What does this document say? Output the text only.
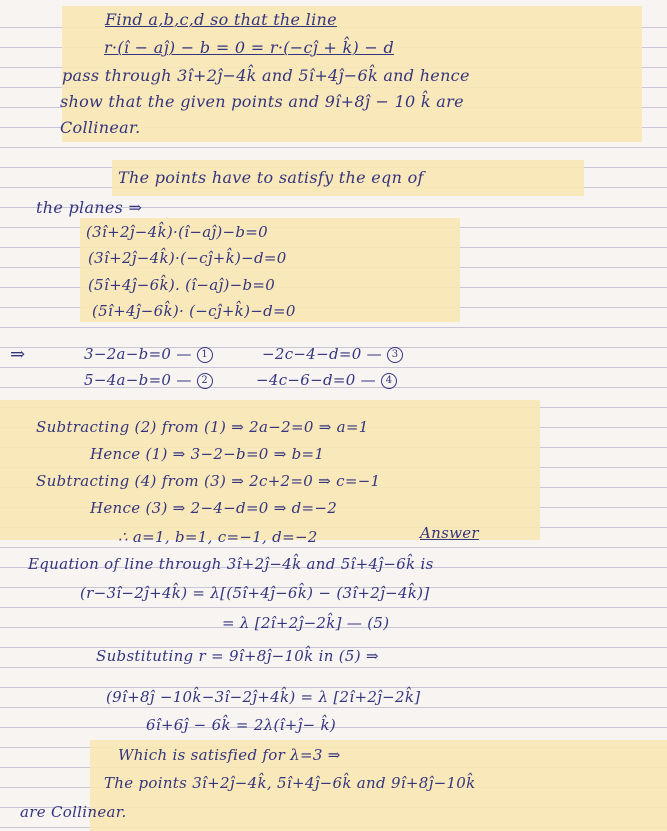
Find a,b,c,d so that the line
r·(î − aĵ) − b = 0 = r·(−cĵ + k̂) − d
pass through 3î+2ĵ−4k̂ and 5î+4ĵ−6k̂ and hence
show that the given points and 9î+8ĵ − 10 k̂ are
Collinear.
The points have to satisfy the eqn of
the planes ⇒
(3î+2ĵ−4k̂)·(î−aĵ)−b=0
(3î+2ĵ−4k̂)·(−cĵ+k̂)−d=0
(5î+4ĵ−6k̂). (î−aĵ)−b=0
(5î+4ĵ−6k̂)· (−cĵ+k̂)−d=0
⇒	3−2a−b=0 — 1	−2c−4−d=0 — 3
5−4a−b=0 — 2	−4c−6−d=0 — 4
Subtracting (2) from (1) ⇒ 2a−2=0 ⇒ a=1
Hence (1) ⇒ 3−2−b=0 ⇒ b=1
Subtracting (4) from (3) ⇒ 2c+2=0 ⇒ c=−1
Hence (3) ⇒ 2−4−d=0 ⇒ d=−2
∴ a=1, b=1, c=−1, d=−2	Answer
Equation of line through 3î+2ĵ−4k̂ and 5î+4ĵ−6k̂ is
(r−3î−2ĵ+4k̂) = λ[(5î+4ĵ−6k̂) − (3î+2ĵ−4k̂)]
= λ [2î+2ĵ−2k̂] — (5)
Substituting r = 9î+8ĵ−10k̂ in (5) ⇒
(9î+8ĵ −10k̂−3î−2ĵ+4k̂) = λ [2î+2ĵ−2k̂]
6î+6ĵ − 6k̂ = 2λ(î+ĵ− k̂)
Which is satisfied for λ=3 ⇒
The points 3î+2ĵ−4k̂, 5î+4ĵ−6k̂ and 9î+8ĵ−10k̂
are Collinear.
